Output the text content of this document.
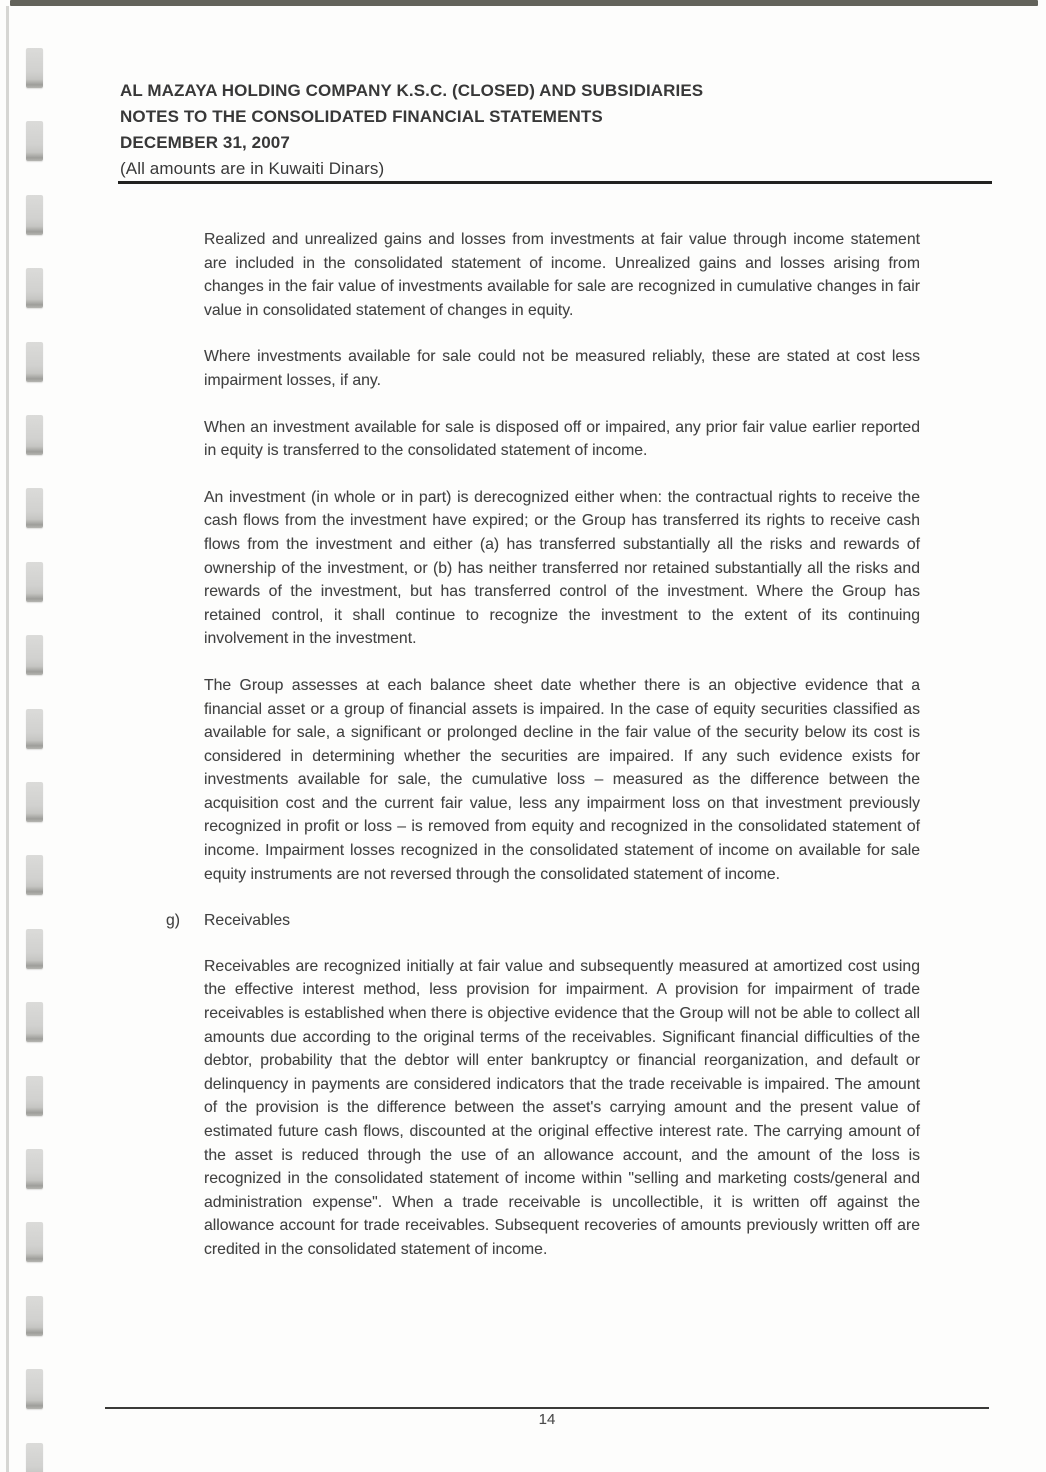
AL MAZAYA HOLDING COMPANY K.S.C. (CLOSED) AND SUBSIDIARIES
NOTES TO THE CONSOLIDATED FINANCIAL STATEMENTS
DECEMBER 31, 2007
(All amounts are in Kuwaiti Dinars)

Realized and unrealized gains and losses from investments at fair value through income statement are included in the consolidated statement of income. Unrealized gains and losses arising from changes in the fair value of investments available for sale are recognized in cumulative changes in fair value in consolidated statement of changes in equity.

Where investments available for sale could not be measured reliably, these are stated at cost less impairment losses, if any.

When an investment available for sale is disposed off or impaired, any prior fair value earlier reported in equity is transferred to the consolidated statement of income.

An investment (in whole or in part) is derecognized either when: the contractual rights to receive the cash flows from the investment have expired; or the Group has transferred its rights to receive cash flows from the investment and either (a) has transferred substantially all the risks and rewards of ownership of the investment, or (b) has neither transferred nor retained substantially all the risks and rewards of the investment, but has transferred control of the investment. Where the Group has retained control, it shall continue to recognize the investment to the extent of its continuing involvement in the investment.

The Group assesses at each balance sheet date whether there is an objective evidence that a financial asset or a group of financial assets is impaired. In the case of equity securities classified as available for sale, a significant or prolonged decline in the fair value of the security below its cost is considered in determining whether the securities are impaired. If any such evidence exists for investments available for sale, the cumulative loss – measured as the difference between the acquisition cost and the current fair value, less any impairment loss on that investment previously recognized in profit or loss – is removed from equity and recognized in the consolidated statement of income. Impairment losses recognized in the consolidated statement of income on available for sale equity instruments are not reversed through the consolidated statement of income.

g) Receivables

Receivables are recognized initially at fair value and subsequently measured at amortized cost using the effective interest method, less provision for impairment. A provision for impairment of trade receivables is established when there is objective evidence that the Group will not be able to collect all amounts due according to the original terms of the receivables. Significant financial difficulties of the debtor, probability that the debtor will enter bankruptcy or financial reorganization, and default or delinquency in payments are considered indicators that the trade receivable is impaired. The amount of the provision is the difference between the asset's carrying amount and the present value of estimated future cash flows, discounted at the original effective interest rate. The carrying amount of the asset is reduced through the use of an allowance account, and the amount of the loss is recognized in the consolidated statement of income within "selling and marketing costs/general and administration expense". When a trade receivable is uncollectible, it is written off against the allowance account for trade receivables. Subsequent recoveries of amounts previously written off are credited in the consolidated statement of income.

14
